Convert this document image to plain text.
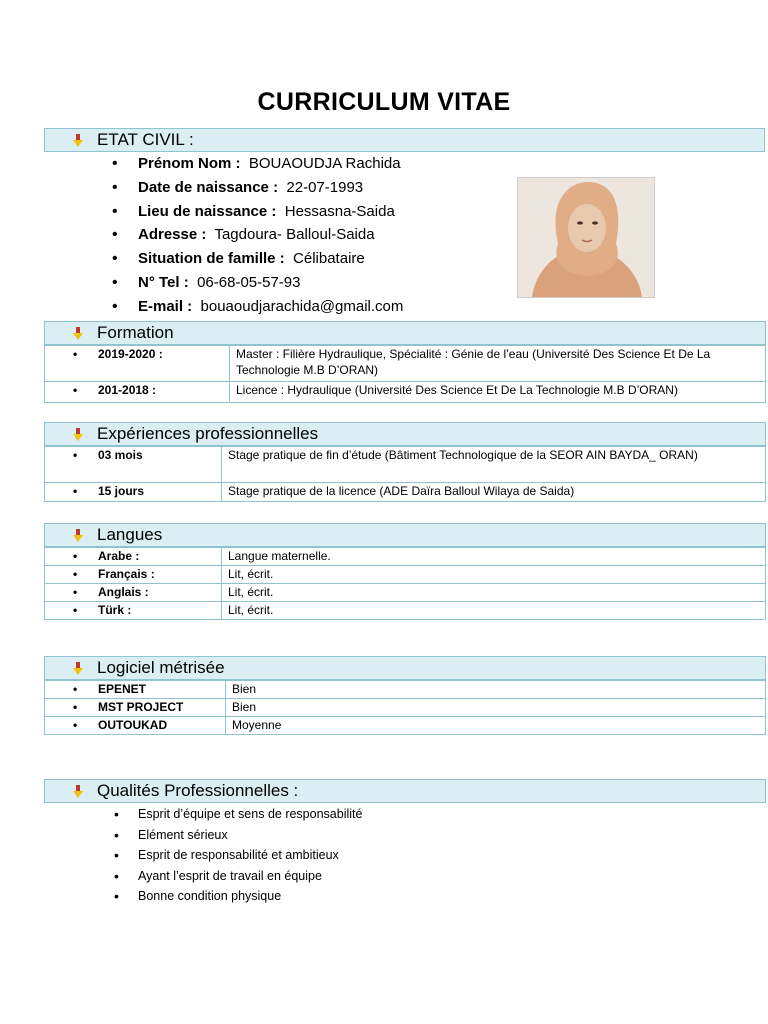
CURRICULUM VITAE
ETAT CIVIL :
• Prénom Nom : BOUAOUDJA Rachida
• Date de naissance : 22-07-1993
• Lieu de naissance : Hessasna-Saida
• Adresse : Tagdoura- Balloul-Saida
• Situation de famille : Célibataire
• N° Tel : 06-68-05-57-93
• E-mail : bouaoudjarachida@gmail.com
Formation
• 2019-2020 :	Master : Filière Hydraulique, Spécialité : Génie de l’eau (Université Des Science Et De La Technologie M.B D’ORAN)
• 201-2018 :	Licence : Hydraulique (Université Des Science Et De La Technologie M.B D’ORAN)
Expériences professionnelles
• 03 mois	Stage pratique de fin d’étude (Bâtiment Technologique de la SEOR AIN BAYDA_ ORAN)
• 15 jours	Stage pratique de la licence (ADE Daïra Balloul Wilaya de Saida)
Langues
• Arabe :	Langue maternelle.
• Français :	Lit, écrit.
• Anglais :	Lit, écrit.
• Türk :	Lit, écrit.
Logiciel métrisée
• EPENET	Bien
• MST PROJECT	Bien
• OUTOUKAD	Moyenne
Qualités Professionnelles :
• Esprit d’équipe et sens de responsabilité
• Elément sérieux
• Esprit de responsabilité et ambitieux
• Ayant l’esprit de travail en équipe
• Bonne condition physique
